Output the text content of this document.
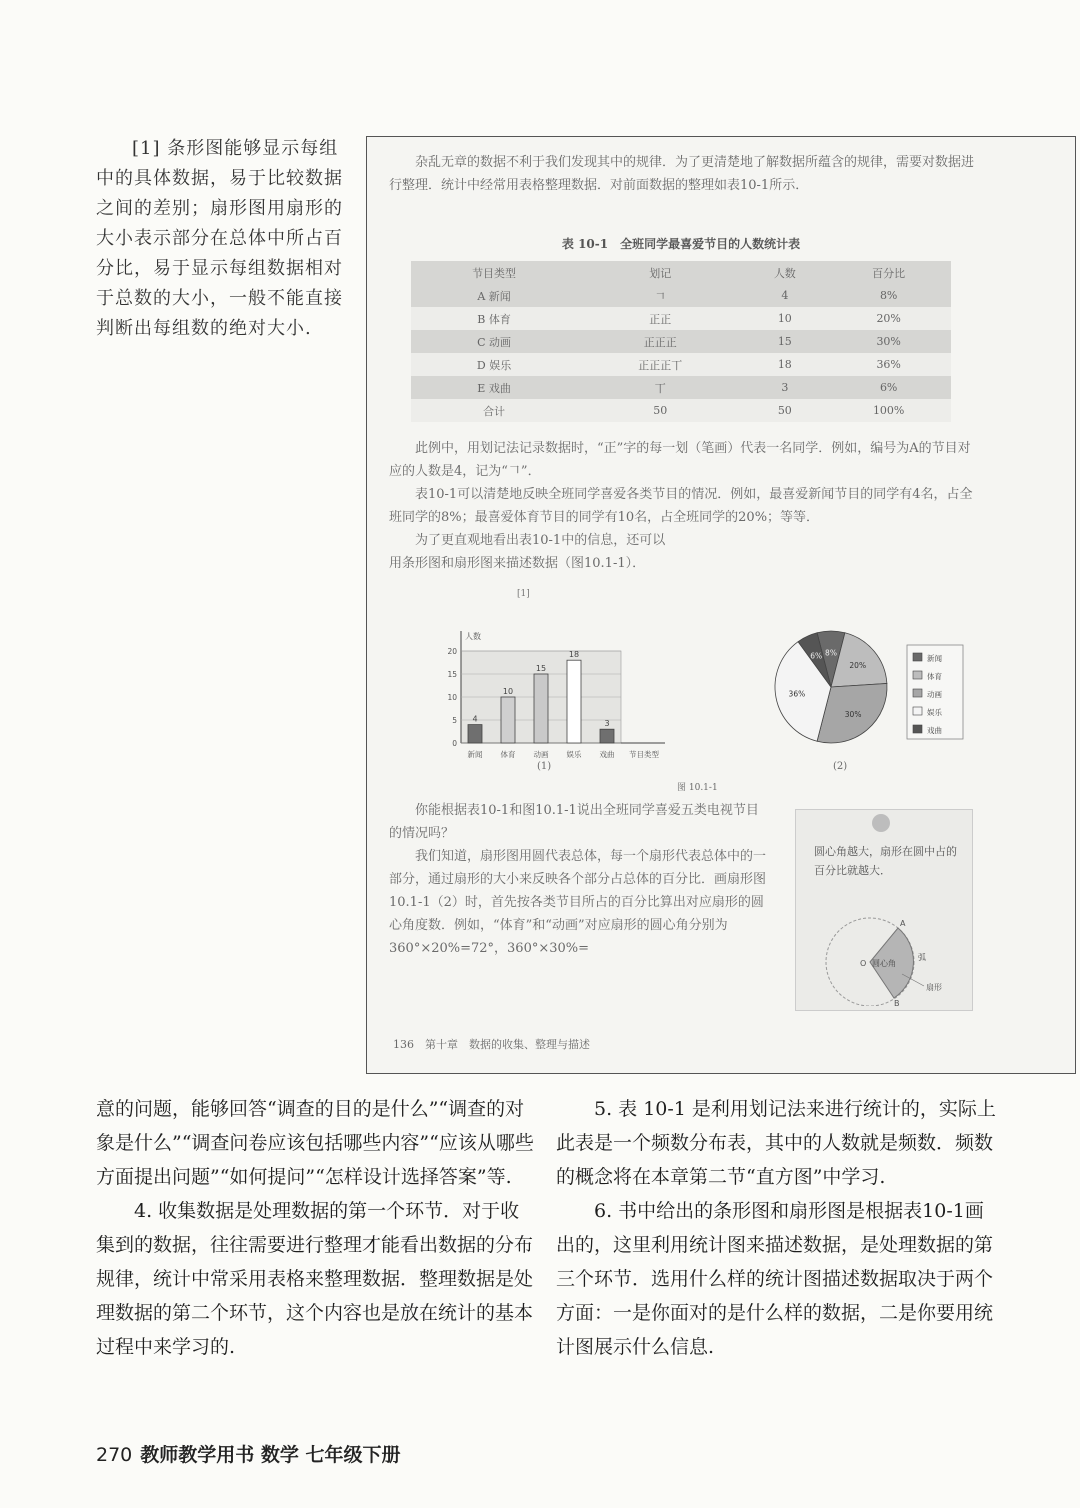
[1] 条形图能够显示每组中的具体数据，易于比较数据之间的差别；扇形图用扇形的大小表示部分在总体中所占百分比，易于显示每组数据相对于总数的大小，一般不能直接判断出每组数的绝对大小.

杂乱无章的数据不利于我们发现其中的规律．为了更清楚地了解数据所蕴含的规律，需要对数据进行整理．统计中经常用表格整理数据．对前面数据的整理如表10-1所示．

表 10-1　全班同学最喜爱节目的人数统计表
节目类型	划记	人数	百分比
A 新闻	𠃍	4	8%
B 体育	正正	10	20%
C 动画	正正正	15	30%
D 娱乐	正正正丅	18	36%
E 戏曲	丅	3	6%
合计	50	50	100%

此例中，用划记法记录数据时，“正”字的每一划（笔画）代表一名同学．例如，编号为A的节目对应的人数是4，记为“𠃍”．

表10-1可以清楚地反映全班同学喜爱各类节目的情况．例如，最喜爱新闻节目的同学有4名，占全班同学的8%；最喜爱体育节目的同学有10名，占全班同学的20%；等等．

为了更直观地看出表10-1中的信息，还可以

用条形图和扇形图来描述数据（图10.1-1）．

[1]
人数
节目类型
0
5
10
15
20
4
新闻
10
体育
15
动画
18
娱乐
3
戏曲
(1)
8%
20%
30%
36%
6%	新闻
体育
动画
娱乐
戏曲
(2)
图 10.1-1

你能根据表10-1和图10.1-1说出全班同学喜爱五类电视节目的情况吗？

我们知道，扇形图用圆代表总体，每一个扇形代表总体中的一部分，通过扇形的大小来反映各个部分占总体的百分比．画扇形图10.1-1（2）时，首先按各类节目所占的百分比算出对应扇形的圆心角度数．例如，“体育”和“动画”对应扇形的圆心角分别为360°×20%=72°，360°×30%=

圆心角越大，扇形在圆中占的百分比就越大．
O 圆心角
A
B
弧
扇形
136　第十章　数据的收集、整理与描述

意的问题，能够回答“调查的目的是什么”“调查的对象是什么”“调查问卷应该包括哪些内容”“应该从哪些方面提出问题”“如何提问”“怎样设计选择答案”等.

4. 收集数据是处理数据的第一个环节．对于收集到的数据，往往需要进行整理才能看出数据的分布规律，统计中常采用表格来整理数据．整理数据是处理数据的第二个环节，这个内容也是放在统计的基本过程中来学习的.

5. 表 10-1 是利用划记法来进行统计的，实际上此表是一个频数分布表，其中的人数就是频数．频数的概念将在本章第二节“直方图”中学习.

6. 书中给出的条形图和扇形图是根据表10-1画出的，这里利用统计图来描述数据，是处理数据的第三个环节．选用什么样的统计图描述数据取决于两个方面：一是你面对的是什么样的数据，二是你要用统计图展示什么信息.

270 教师教学用书 数学 七年级下册
